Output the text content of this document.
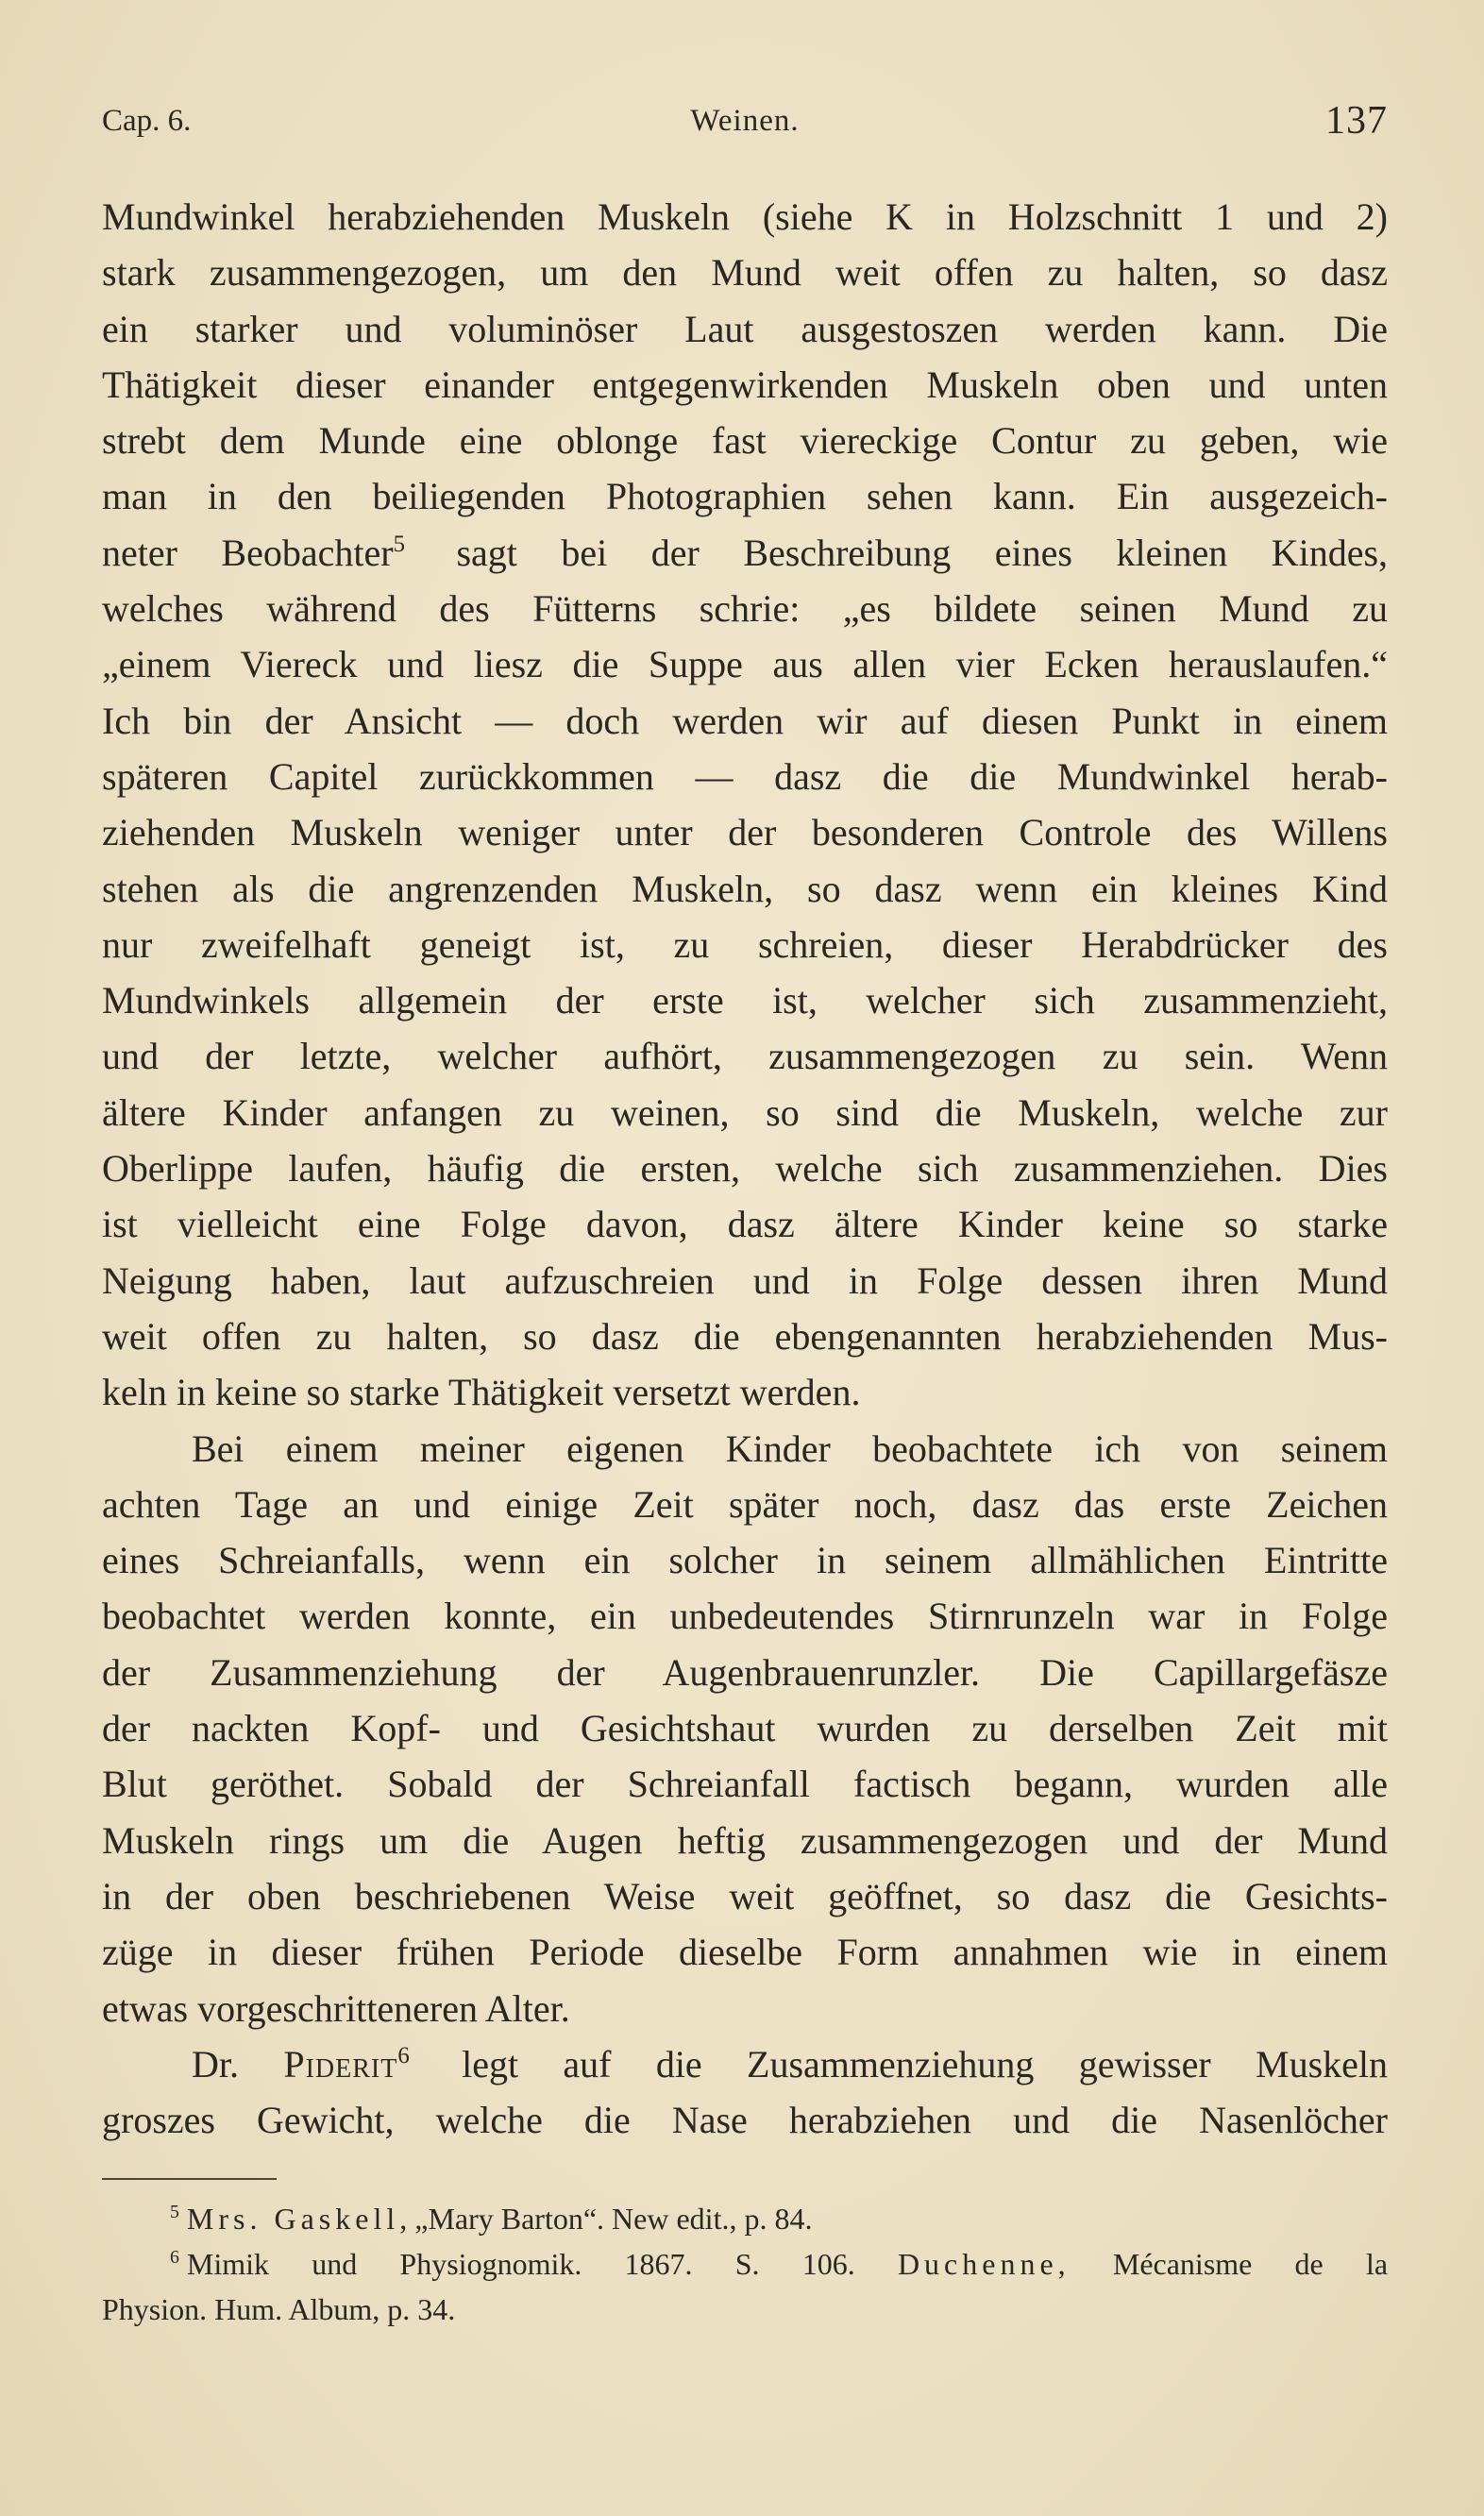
Cap. 6.	Weinen.	137
Mundwinkel herabziehenden Muskeln (siehe K in Holzschnitt 1 und 2)
stark zusammengezogen, um den Mund weit offen zu halten, so dasz
ein starker und voluminöser Laut ausgestoszen werden kann. Die
Thätigkeit dieser einander entgegenwirkenden Muskeln oben und unten
strebt dem Munde eine oblonge fast viereckige Contur zu geben, wie
man in den beiliegenden Photographien sehen kann. Ein ausgezeich-
neter Beobachter$^5$ sagt bei der Beschreibung eines kleinen Kindes,
welches während des Fütterns schrie: „es bildete seinen Mund zu
„einem Viereck und liesz die Suppe aus allen vier Ecken herauslaufen.“
Ich bin der Ansicht — doch werden wir auf diesen Punkt in einem
späteren Capitel zurückkommen — dasz die die Mundwinkel herab-
ziehenden Muskeln weniger unter der besonderen Controle des Willens
stehen als die angrenzenden Muskeln, so dasz wenn ein kleines Kind
nur zweifelhaft geneigt ist, zu schreien, dieser Herabdrücker des
Mundwinkels allgemein der erste ist, welcher sich zusammenzieht,
und der letzte, welcher aufhört, zusammengezogen zu sein. Wenn
ältere Kinder anfangen zu weinen, so sind die Muskeln, welche zur
Oberlippe laufen, häufig die ersten, welche sich zusammenziehen. Dies
ist vielleicht eine Folge davon, dasz ältere Kinder keine so starke
Neigung haben, laut aufzuschreien und in Folge dessen ihren Mund
weit offen zu halten, so dasz die ebengenannten herabziehenden Mus-
keln in keine so starke Thätigkeit versetzt werden.
Bei einem meiner eigenen Kinder beobachtete ich von seinem
achten Tage an und einige Zeit später noch, dasz das erste Zeichen
eines Schreianfalls, wenn ein solcher in seinem allmählichen Eintritte
beobachtet werden konnte, ein unbedeutendes Stirnrunzeln war in Folge
der Zusammenziehung der Augenbrauenrunzler. Die Capillargefäsze
der nackten Kopf- und Gesichtshaut wurden zu derselben Zeit mit
Blut geröthet. Sobald der Schreianfall factisch begann, wurden alle
Muskeln rings um die Augen heftig zusammengezogen und der Mund
in der oben beschriebenen Weise weit geöffnet, so dasz die Gesichts-
züge in dieser frühen Periode dieselbe Form annahmen wie in einem
etwas vorgeschritteneren Alter.
Dr. Piderit$^6$ legt auf die Zusammenziehung gewisser Muskeln
groszes Gewicht, welche die Nase herabziehen und die Nasenlöcher
$^5$ Mrs. Gaskell, „Mary Barton“. New edit., p. 84.
$^6$ Mimik und Physiognomik. 1867. S. 106. Duchenne, Mécanisme de la
Physion. Hum. Album, p. 34.
